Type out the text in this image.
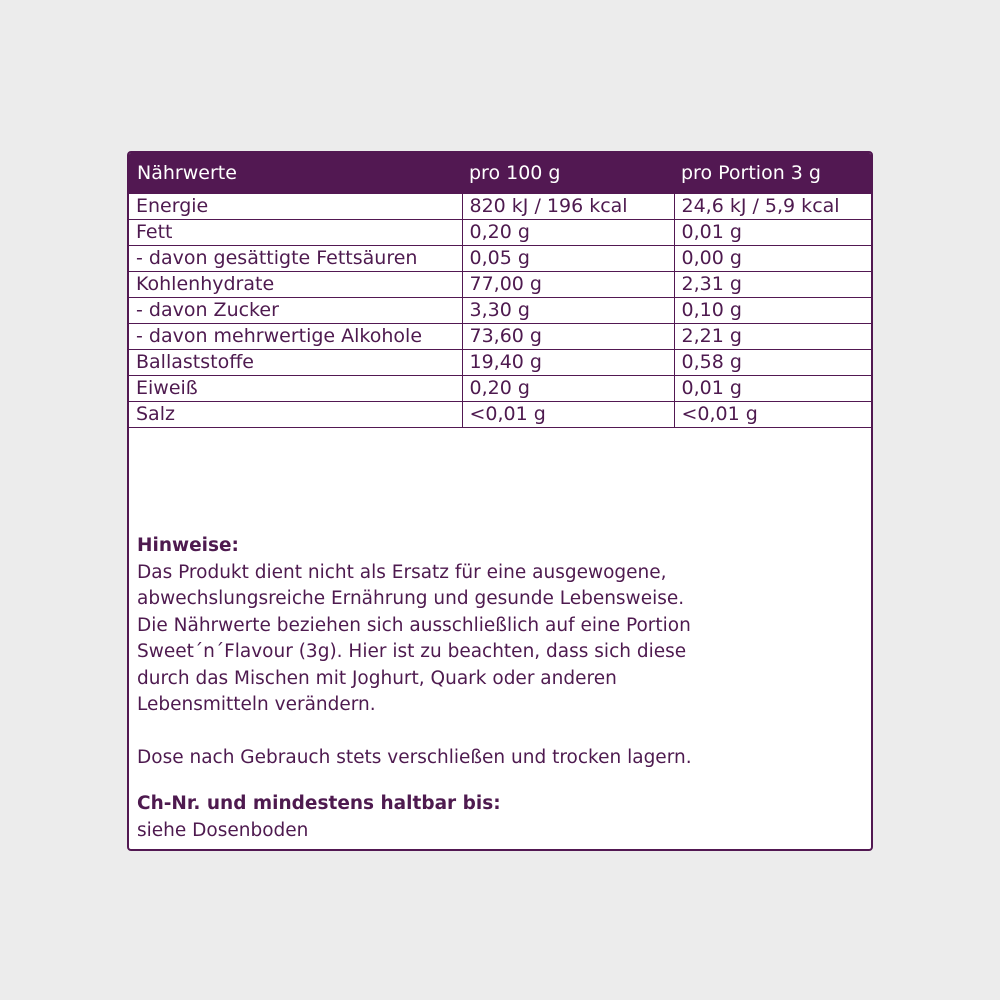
Nährwerte	pro 100 g	pro Portion 3 g
Energie	820 kJ / 196 kcal	24,6 kJ / 5,9 kcal
Fett	0,20 g	0,01 g
- davon gesättigte Fettsäuren	0,05 g	0,00 g
Kohlenhydrate	77,00 g	2,31 g
- davon Zucker	3,30 g	0,10 g
- davon mehrwertige Alkohole	73,60 g	2,21 g
Ballaststoffe	19,40 g	0,58 g
Eiweiß	0,20 g	0,01 g
Salz	<0,01 g	<0,01 g

Hinweise:

Das Produkt dient nicht als Ersatz für eine ausgewogene,

abwechslungsreiche Ernährung und gesunde Lebensweise.

Die Nährwerte beziehen sich ausschließlich auf eine Portion

Sweet´n´Flavour (3g). Hier ist zu beachten, dass sich diese

durch das Mischen mit Joghurt, Quark oder anderen

Lebensmitteln verändern.

Dose nach Gebrauch stets verschließen und trocken lagern.

Ch-Nr. und mindestens haltbar bis:

siehe Dosenboden
